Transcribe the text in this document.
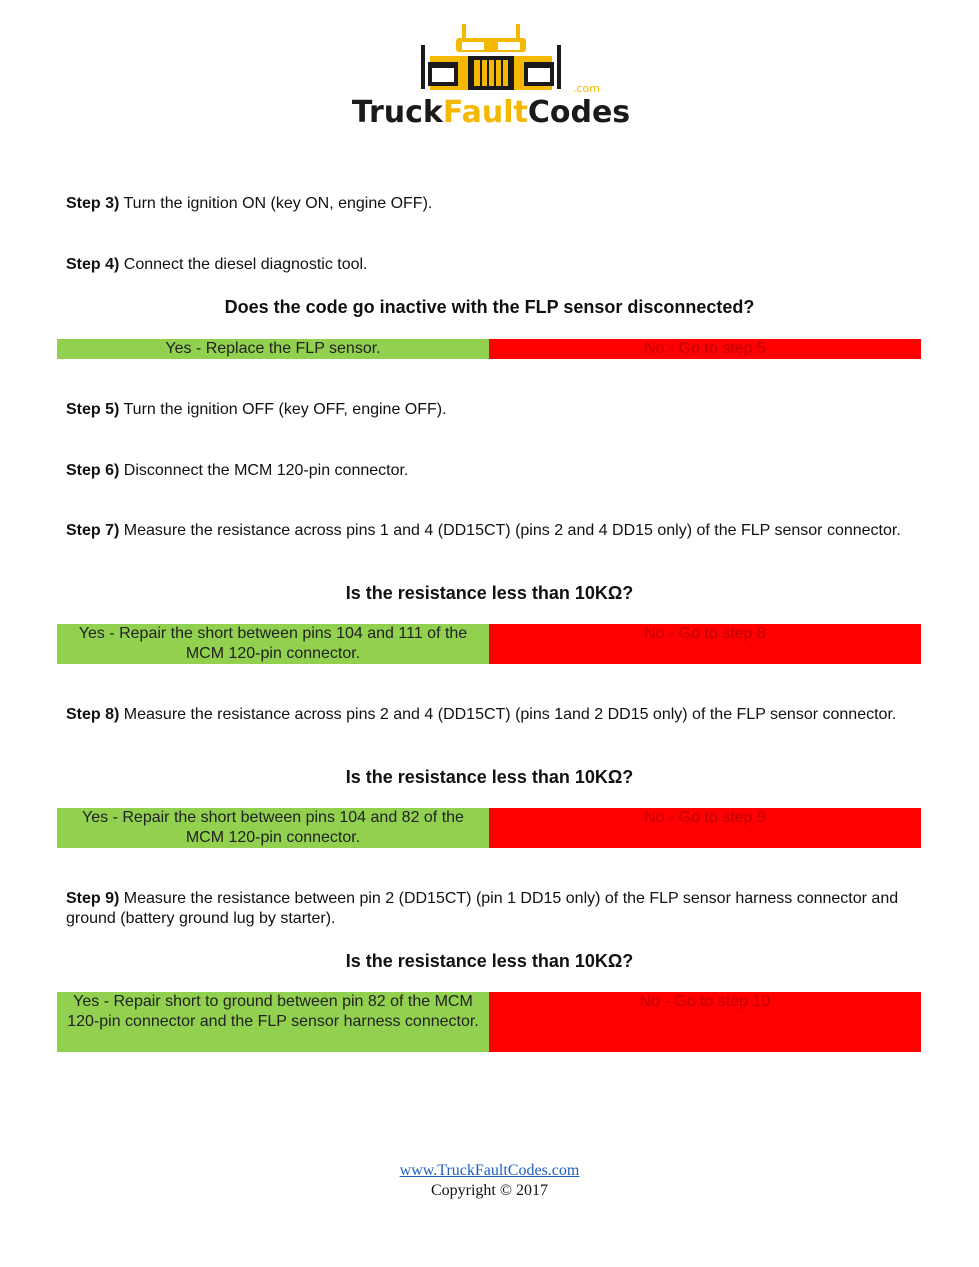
TruckFaultCodes
.com
Step 3) Turn the ignition ON (key ON, engine OFF).
Step 4) Connect the diesel diagnostic tool.
Does the code go inactive with the FLP sensor disconnected?
Yes - Replace the FLP sensor.	No - Go to step 5
Step 5) Turn the ignition OFF (key OFF, engine OFF).
Step 6) Disconnect the MCM 120-pin connector.
Step 7) Measure the resistance across pins 1 and 4 (DD15CT) (pins 2 and 4 DD15 only) of the FLP sensor connector.
Is the resistance less than 10KΩ?
Yes - Repair the short between pins 104 and 111 of the MCM 120-pin connector.
No - Go to step 8
Step 8) Measure the resistance across pins 2 and 4 (DD15CT) (pins 1and 2 DD15 only) of the FLP sensor connector.
Is the resistance less than 10KΩ?
Yes - Repair the short between pins 104 and 82 of the MCM 120-pin connector.
No - Go to step 9
Step 9) Measure the resistance between pin 2 (DD15CT) (pin 1 DD15 only) of the FLP sensor harness connector and ground (battery ground lug by starter).
Is the resistance less than 10KΩ?
Yes - Repair short to ground between pin 82 of the MCM 120-pin connector and the FLP sensor harness connector.
No - Go to step 10
www.TruckFaultCodes.com
Copyright © 2017
